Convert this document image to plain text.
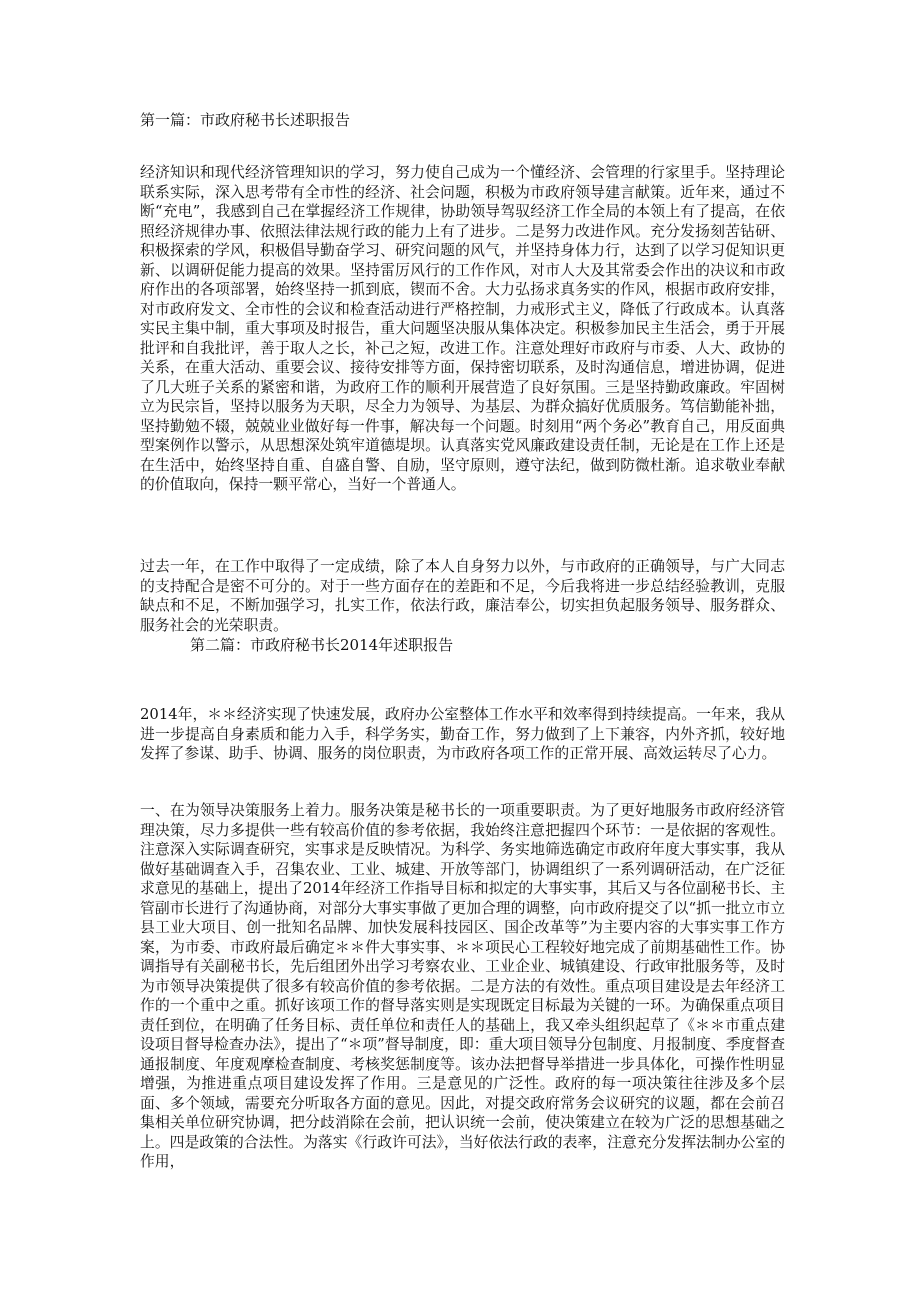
第一篇：市政府秘书长述职报告

经济知识和现代经济管理知识的学习，努力使自己成为一个懂经济、会管理的行家里手。坚持理论联系实际，深入思考带有全市性的经济、社会问题，积极为市政府领导建言献策。近年来，通过不断“充电”，我感到自己在掌握经济工作规律，协助领导驾驭经济工作全局的本领上有了提高，在依照经济规律办事、依照法律法规行政的能力上有了进步。二是努力改进作风。充分发扬刻苦钻研、积极探索的学风，积极倡导勤奋学习、研究问题的风气，并坚持身体力行，达到了以学习促知识更新、以调研促能力提高的效果。坚持雷厉风行的工作作风，对市人大及其常委会作出的决议和市政府作出的各项部署，始终坚持一抓到底，锲而不舍。大力弘扬求真务实的作风，根据市政府安排，对市政府发文、全市性的会议和检查活动进行严格控制，力戒形式主义，降低了行政成本。认真落实民主集中制，重大事项及时报告，重大问题坚决服从集体决定。积极参加民主生活会，勇于开展批评和自我批评，善于取人之长，补己之短，改进工作。注意处理好市政府与市委、人大、政协的关系，在重大活动、重要会议、接待安排等方面，保持密切联系，及时沟通信息，增进协调，促进了几大班子关系的紧密和谐，为政府工作的顺利开展营造了良好氛围。三是坚持勤政廉政。牢固树立为民宗旨，坚持以服务为天职，尽全力为领导、为基层、为群众搞好优质服务。笃信勤能补拙，坚持勤勉不辍，兢兢业业做好每一件事，解决每一个问题。时刻用“两个务必”教育自己，用反面典型案例作以警示，从思想深处筑牢道德堤坝。认真落实党风廉政建设责任制，无论是在工作上还是在生活中，始终坚持自重、自盛自警、自励，坚守原则，遵守法纪，做到防微杜渐。追求敬业奉献的价值取向，保持一颗平常心，当好一个普通人。

过去一年，在工作中取得了一定成绩，除了本人自身努力以外，与市政府的正确领导，与广大同志的支持配合是密不可分的。对于一些方面存在的差距和不足，今后我将进一步总结经验教训，克服缺点和不足，不断加强学习，扎实工作，依法行政，廉洁奉公，切实担负起服务领导、服务群众、服务社会的光荣职责。

第二篇：市政府秘书长2014年述职报告

2014年，＊＊经济实现了快速发展，政府办公室整体工作水平和效率得到持续提高。一年来，我从进一步提高自身素质和能力入手，科学务实，勤奋工作，努力做到了上下兼容，内外齐抓，较好地发挥了参谋、助手、协调、服务的岗位职责，为市政府各项工作的正常开展、高效运转尽了心力。

一、在为领导决策服务上着力。服务决策是秘书长的一项重要职责。为了更好地服务市政府经济管理决策，尽力多提供一些有较高价值的参考依据，我始终注意把握四个环节：一是依据的客观性。注意深入实际调查研究，实事求是反映情况。为科学、务实地筛选确定市政府年度大事实事，我从做好基础调查入手，召集农业、工业、城建、开放等部门，协调组织了一系列调研活动，在广泛征求意见的基础上，提出了2014年经济工作指导目标和拟定的大事实事，其后又与各位副秘书长、主管副市长进行了沟通协商，对部分大事实事做了更加合理的调整，向市政府提交了以“抓一批立市立县工业大项目、创一批知名品牌、加快发展科技园区、国企改革等”为主要内容的大事实事工作方案，为市委、市政府最后确定＊＊件大事实事、＊＊项民心工程较好地完成了前期基础性工作。协调指导有关副秘书长，先后组团外出学习考察农业、工业企业、城镇建设、行政审批服务等，及时为市领导决策提供了很多有较高价值的参考依据。二是方法的有效性。重点项目建设是去年经济工作的一个重中之重。抓好该项工作的督导落实则是实现既定目标最为关键的一环。为确保重点项目责任到位，在明确了任务目标、责任单位和责任人的基础上，我又牵头组织起草了《＊＊市重点建设项目督导检查办法》，提出了“＊项”督导制度，即：重大项目领导分包制度、月报制度、季度督查通报制度、年度观摩检查制度、考核奖惩制度等。该办法把督导举措进一步具体化，可操作性明显增强，为推进重点项目建设发挥了作用。三是意见的广泛性。政府的每一项决策往往涉及多个层面、多个领域，需要充分听取各方面的意见。因此，对提交政府常务会议研究的议题，都在会前召集相关单位研究协调，把分歧消除在会前，把认识统一会前，使决策建立在较为广泛的思想基础之上。四是政策的合法性。为落实《行政许可法》，当好依法行政的表率，注意充分发挥法制办公室的作用，
